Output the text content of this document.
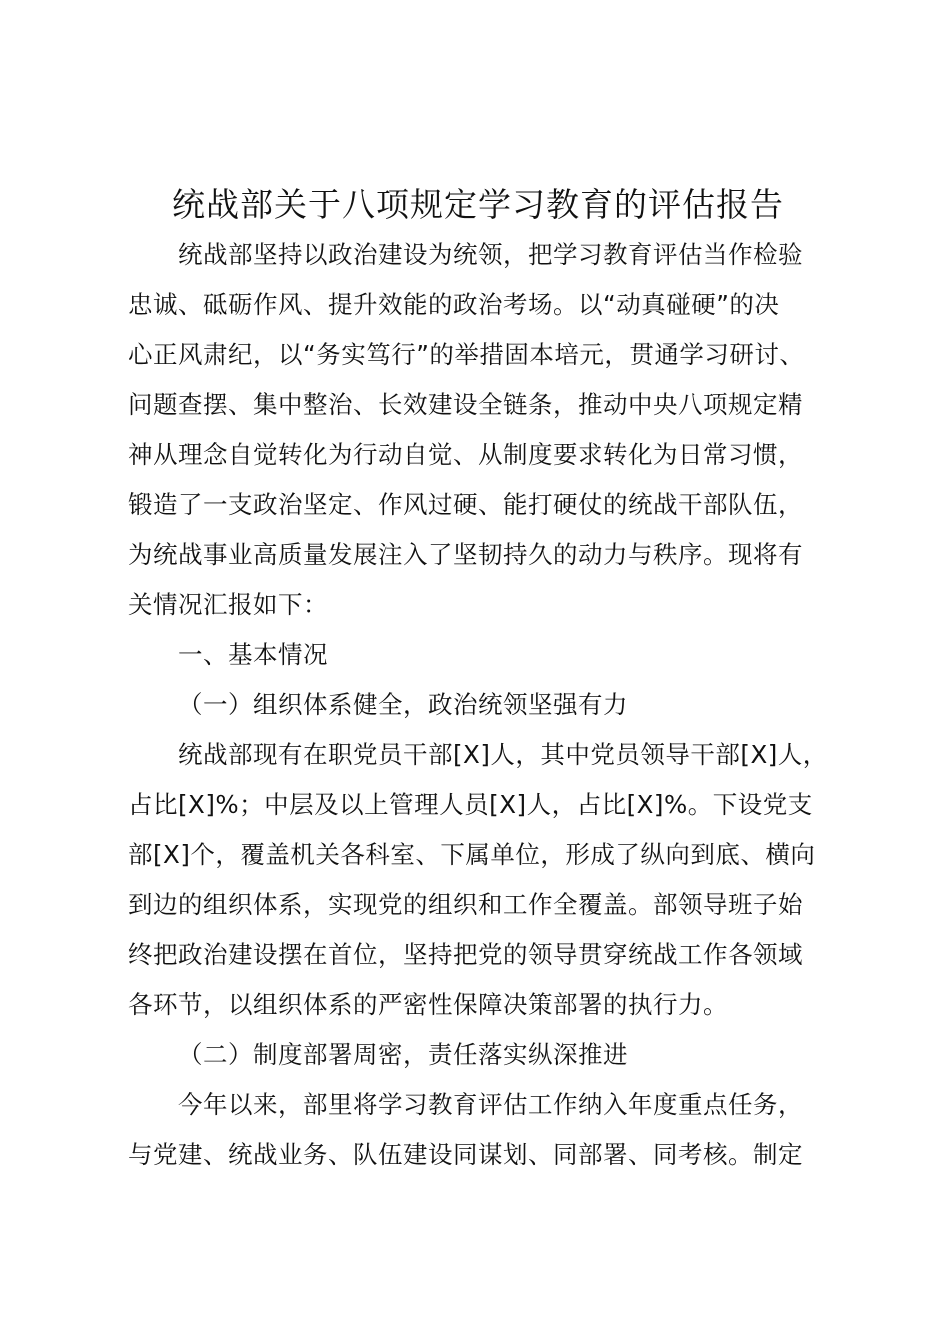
统战部关于八项规定学习教育的评估报告
统战部坚持以政治建设为统领，把学习教育评估当作检验
忠诚、砥砺作风、提升效能的政治考场。以“动真碰硬”的决
心正风肃纪，以“务实笃行”的举措固本培元，贯通学习研讨、
问题查摆、集中整治、长效建设全链条，推动中央八项规定精
神从理念自觉转化为行动自觉、从制度要求转化为日常习惯，
锻造了一支政治坚定、作风过硬、能打硬仗的统战干部队伍，
为统战事业高质量发展注入了坚韧持久的动力与秩序。现将有
关情况汇报如下：
一、基本情况
（一）组织体系健全，政治统领坚强有力
统战部现有在职党员干部[X]人，其中党员领导干部[X]人，
占比[X]%；中层及以上管理人员[X]人，占比[X]%。下设党支
部[X]个，覆盖机关各科室、下属单位，形成了纵向到底、横向
到边的组织体系，实现党的组织和工作全覆盖。部领导班子始
终把政治建设摆在首位，坚持把党的领导贯穿统战工作各领域
各环节，以组织体系的严密性保障决策部署的执行力。
（二）制度部署周密，责任落实纵深推进
今年以来，部里将学习教育评估工作纳入年度重点任务，
与党建、统战业务、队伍建设同谋划、同部署、同考核。制定
